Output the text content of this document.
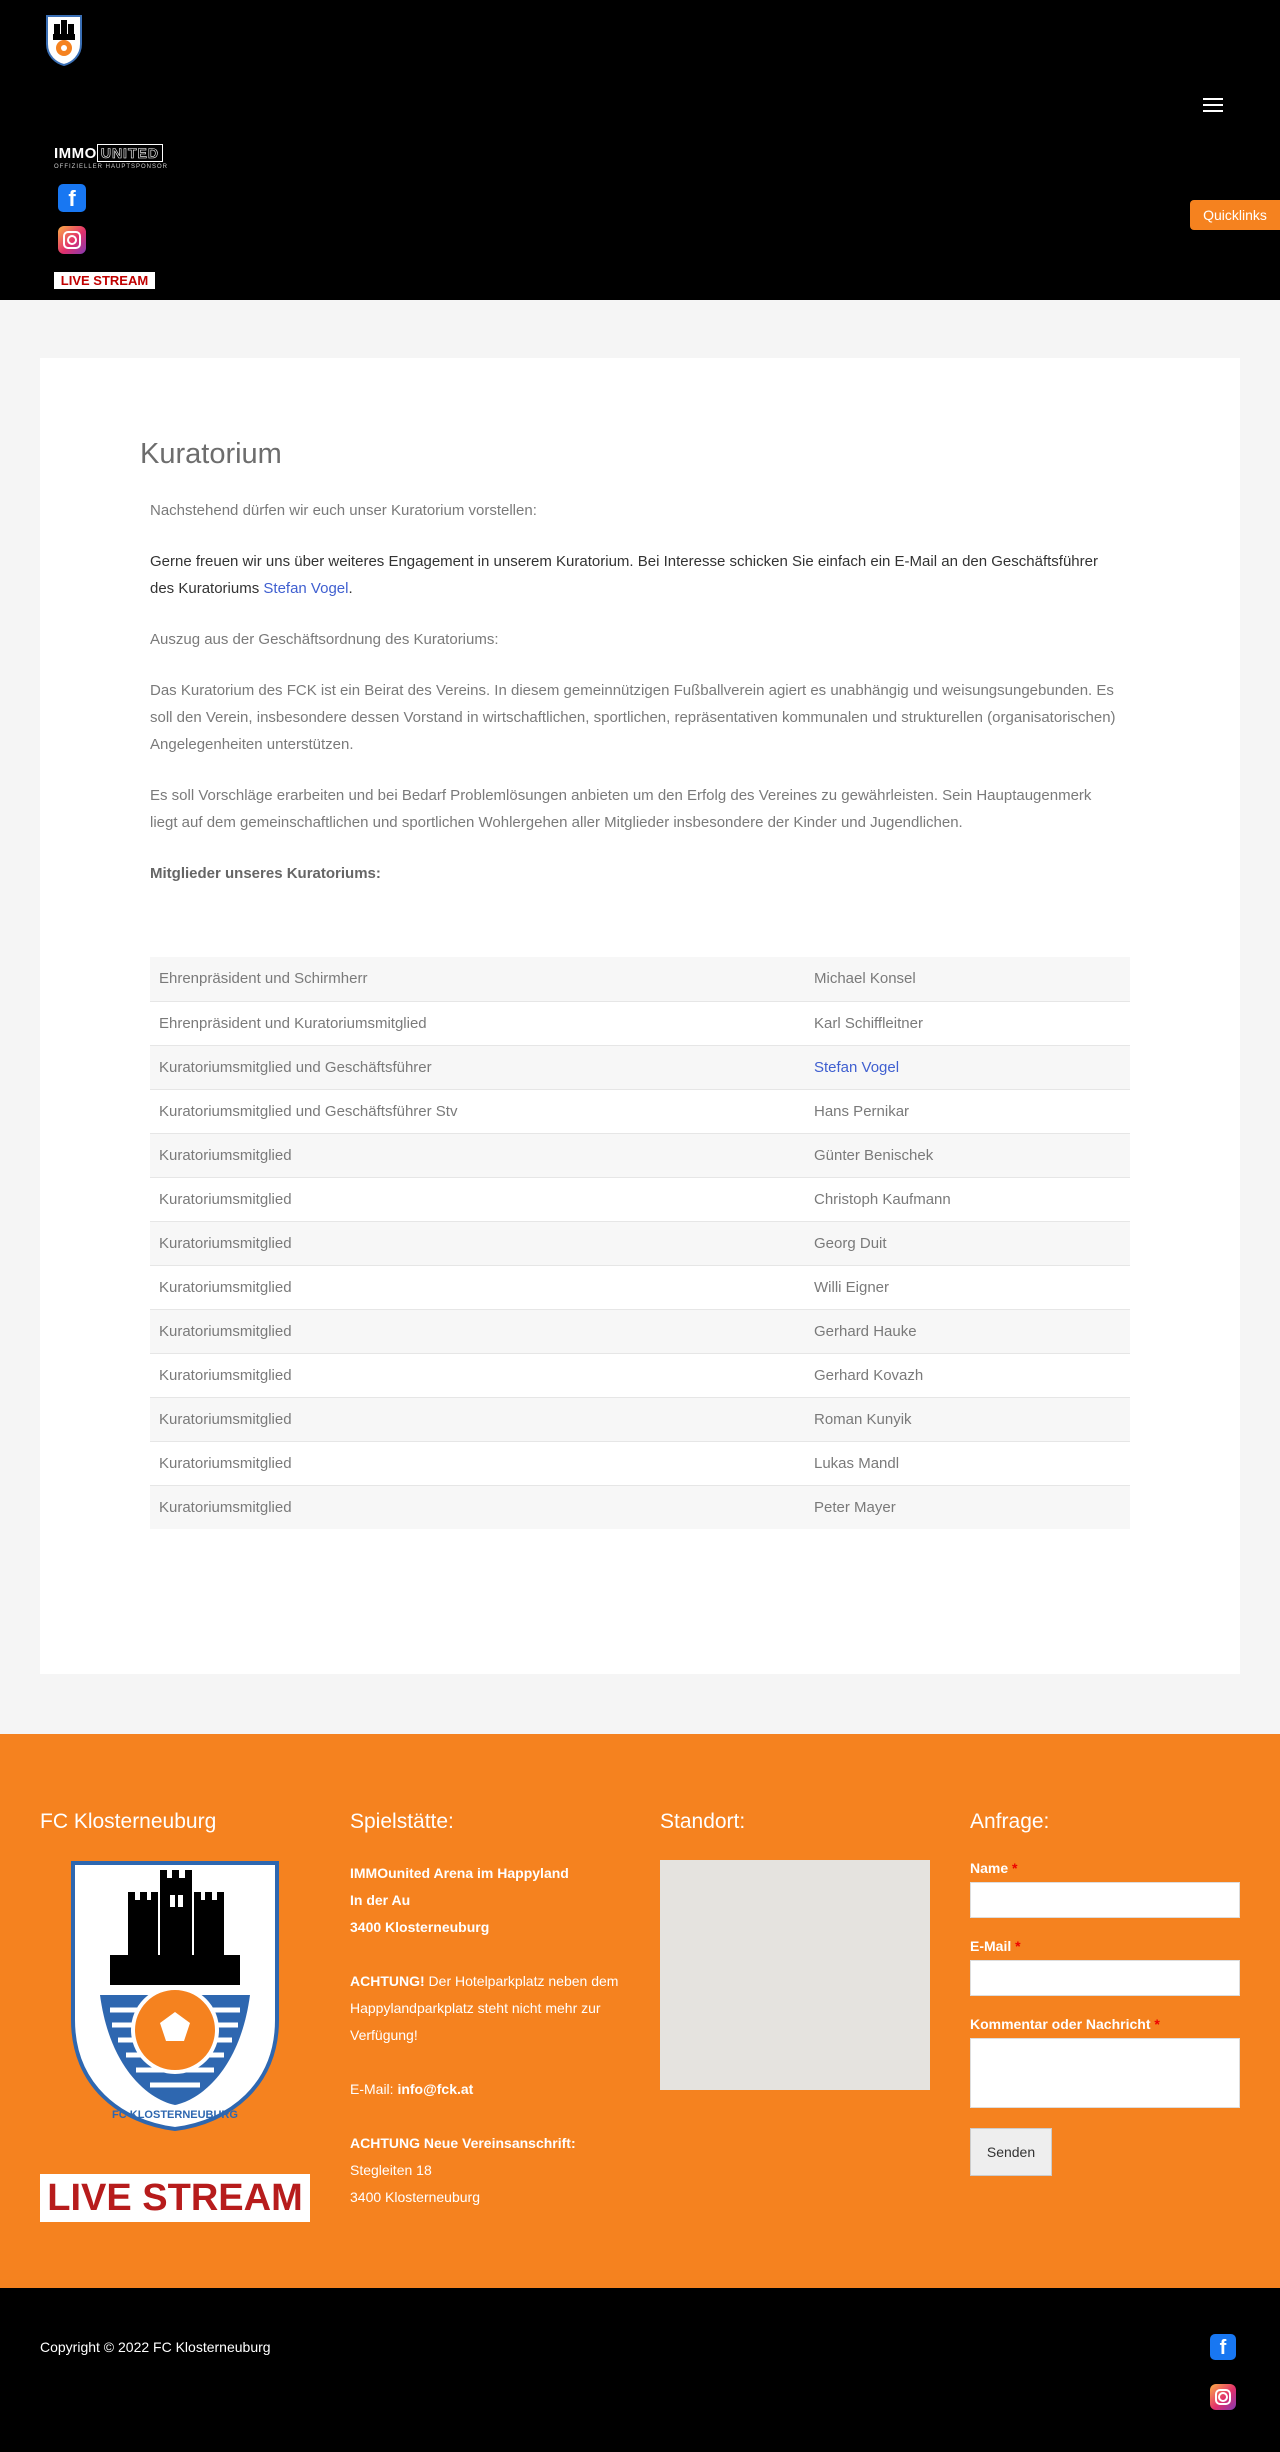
IMMO UNITED
OFFIZIELLER HAUPTSPONSOR
f
LIVE STREAM
Quicklinks
Kuratorium

Nachstehend dürfen wir euch unser Kuratorium vorstellen:

Gerne freuen wir uns über weiteres Engagement in unserem Kuratorium. Bei Interesse schicken Sie einfach ein E-Mail an den Geschäftsführer des Kuratoriums Stefan Vogel.

Auszug aus der Geschäftsordnung des Kuratoriums:

Das Kuratorium des FCK ist ein Beirat des Vereins. In diesem gemeinnützigen Fußballverein agiert es unabhängig und weisungsungebunden. Es soll den Verein, insbesondere dessen Vorstand in wirtschaftlichen, sportlichen, repräsentativen kommunalen und strukturellen (organisatorischen) Angelegenheiten unterstützen.

Es soll Vorschläge erarbeiten und bei Bedarf Problemlösungen anbieten um den Erfolg des Vereines zu gewährleisten. Sein Hauptaugenmerk liegt auf dem gemeinschaftlichen und sportlichen Wohlergehen aller Mitglieder insbesondere der Kinder und Jugendlichen.

Mitglieder unseres Kuratoriums:

Ehrenpräsident und Schirmherr	Michael Konsel
Ehrenpräsident und Kuratoriumsmitglied	Karl Schiffleitner
Kuratoriumsmitglied und Geschäftsführer	Stefan Vogel
Kuratoriumsmitglied und Geschäftsführer Stv	Hans Pernikar
Kuratoriumsmitglied	Günter Benischek
Kuratoriumsmitglied	Christoph Kaufmann
Kuratoriumsmitglied	Georg Duit
Kuratoriumsmitglied	Willi Eigner
Kuratoriumsmitglied	Gerhard Hauke
Kuratoriumsmitglied	Gerhard Kovazh
Kuratoriumsmitglied	Roman Kunyik
Kuratoriumsmitglied	Lukas Mandl
Kuratoriumsmitglied	Peter Mayer
FC Klosterneuburg
FC KLOSTERNEUBURG
LIVE STREAM
Spielstätte:

IMMOunited Arena im Happyland
In der Au
3400 Klosterneuburg

ACHTUNG! Der Hotelparkplatz neben dem Happylandparkplatz steht nicht mehr zur Verfügung!

E-Mail: info@fck.at

ACHTUNG Neue Vereinsanschrift:
Stegleiten 18
3400 Klosterneuburg

Standort:	Anfrage:
Name *
E-Mail *
Kommentar oder Nachricht *
Senden
Copyright © 2022 FC Klosterneuburg	f
